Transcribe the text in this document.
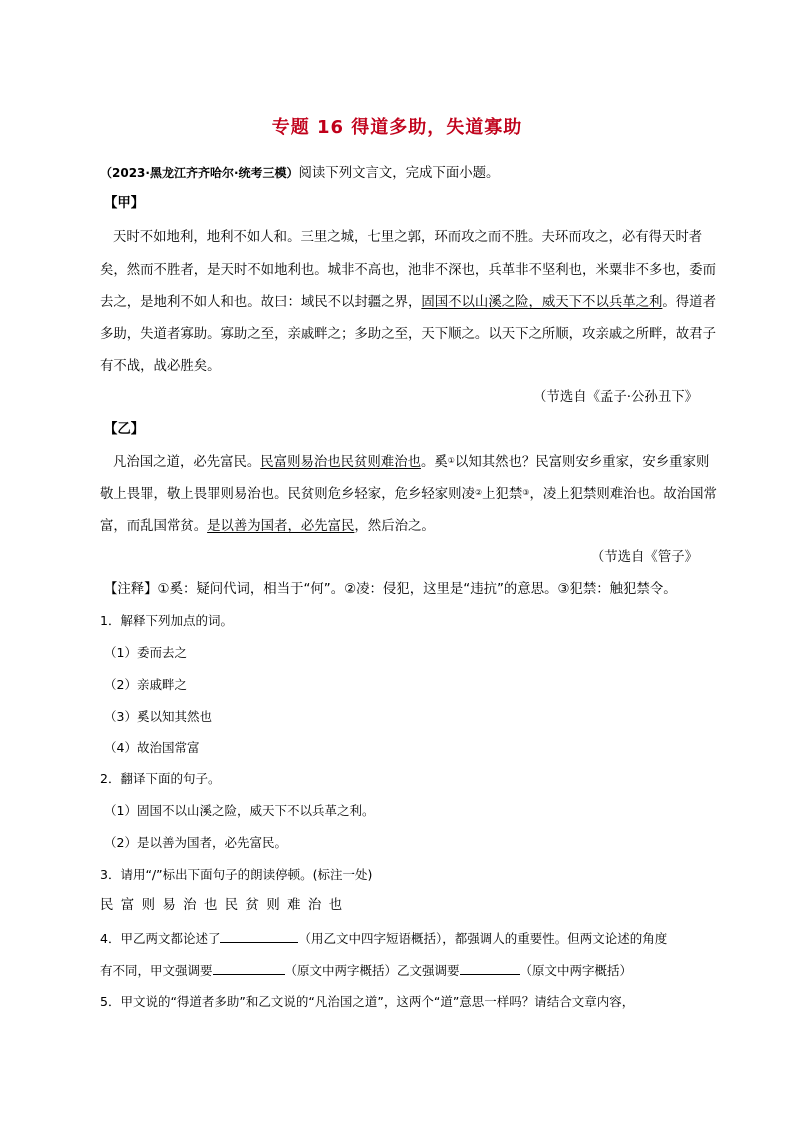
专题 16 得道多助，失道寡助
（2023·黑龙江齐齐哈尔·统考三模）阅读下列文言文，完成下面小题。
【甲】
天时不如地利，地利不如人和。三里之城，七里之郭，环而攻之而不胜。夫环而攻之，必有得天时者
矣，然而不胜者，是天时不如地利也。城非不高也，池非不深也，兵革非不坚利也，米粟非不多也，委而
去之，是地利不如人和也。故曰：域民不以封疆之界，固国不以山溪之险，威天下不以兵革之利。得道者
多助，失道者寡助。寡助之至，亲戚畔之；多助之至，天下顺之。以天下之所顺，攻亲戚之所畔，故君子
有不战，战必胜矣。
（节选自《孟子·公孙丑下》
【乙】
凡治国之道，必先富民。民富则易治也民贫则难治也。奚①以知其然也？民富则安乡重家，安乡重家则
敬上畏罪，敬上畏罪则易治也。民贫则危乡轻家，危乡轻家则凌②上犯禁③，凌上犯禁则难治也。故治国常
富，而乱国常贫。是以善为国者，必先富民，然后治之。
（节选自《管子》
【注释】①奚：疑问代词，相当于“何”。②凌：侵犯，这里是“违抗”的意思。③犯禁：触犯禁令。
1．解释下列加点的词。
（1）委而去之
（2）亲戚畔之
（3）奚以知其然也
（4）故治国常富
2．翻译下面的句子。
（1）固国不以山溪之险，威天下不以兵革之利。
（2）是以善为国者，必先富民。
3．请用“/”标出下面句子的朗读停顿。(标注一处)
民富则易治也民贫则难治也
4．甲乙两文都论述了	（用乙文中四字短语概括），都强调人的重要性。但两文论述的角度
有不同，甲文强调要	（原文中两字概括）乙文强调要	（原文中两字概括）
5．甲文说的“得道者多助”和乙文说的“凡治国之道”，这两个“道”意思一样吗？请结合文章内容，
